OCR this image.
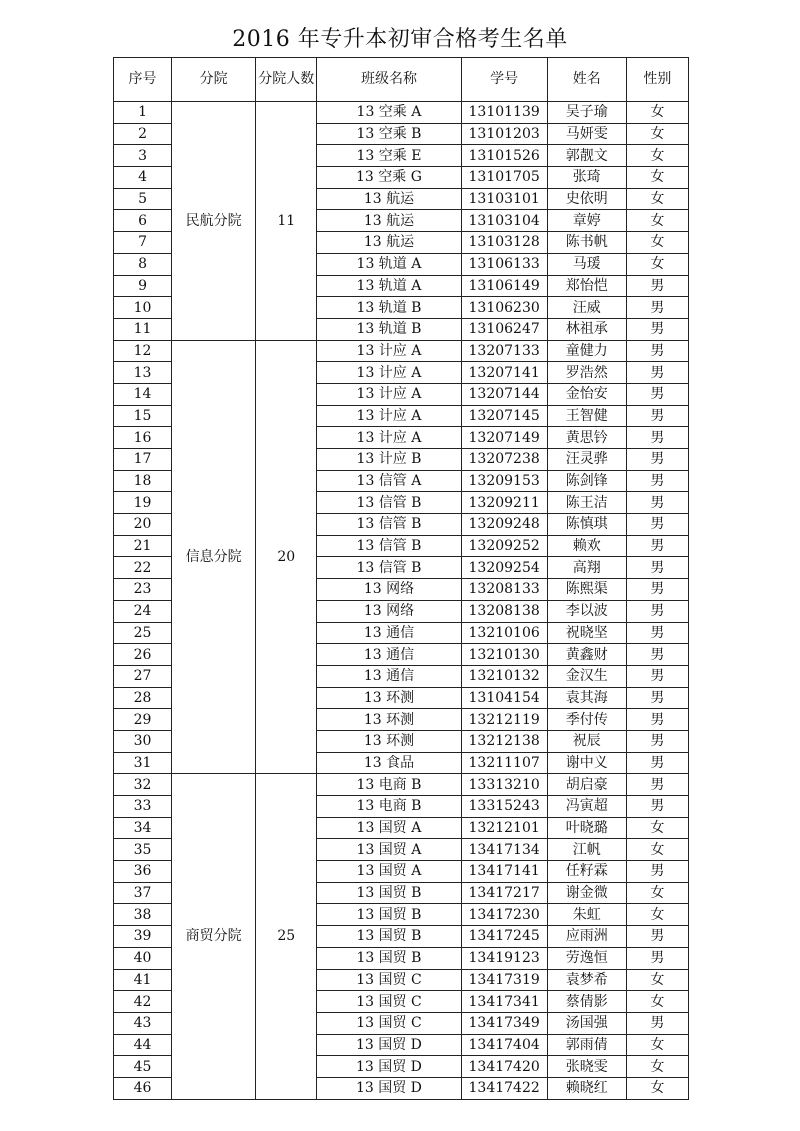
2016 年专升本初审合格考生名单
序号	分院	分院人数	班级名称	学号	姓名	性别
1	民航分院	11	13 空乘 A	13101139	吴子瑜	女
2			13 空乘 B	13101203	马妍雯	女
3			13 空乘 E	13101526	郭靓文	女
4			13 空乘 G	13101705	张琦	女
5			13 航运	13103101	史依明	女
6			13 航运	13103104	章婷	女
7			13 航运	13103128	陈书帆	女
8			13 轨道 A	13106133	马瑗	女
9			13 轨道 A	13106149	郑怡恺	男
10			13 轨道 B	13106230	汪威	男
11			13 轨道 B	13106247	林祖承	男
12	信息分院	20	13 计应 A	13207133	童健力	男
13			13 计应 A	13207141	罗浩然	男
14			13 计应 A	13207144	金怡安	男
15			13 计应 A	13207145	王智健	男
16			13 计应 A	13207149	黄思钤	男
17			13 计应 B	13207238	汪灵骅	男
18			13 信管 A	13209153	陈剑锋	男
19			13 信管 B	13209211	陈王洁	男
20			13 信管 B	13209248	陈慎琪	男
21			13 信管 B	13209252	赖欢	男
22			13 信管 B	13209254	高翔	男
23			13 网络	13208133	陈熙渠	男
24			13 网络	13208138	李以波	男
25			13 通信	13210106	祝晓坚	男
26			13 通信	13210130	黄鑫财	男
27			13 通信	13210132	金汉生	男
28			13 环测	13104154	袁其海	男
29			13 环测	13212119	季付传	男
30			13 环测	13212138	祝辰	男
31			13 食品	13211107	谢中义	男
32	商贸分院	25	13 电商 B	13313210	胡启豪	男
33			13 电商 B	13315243	冯寅超	男
34			13 国贸 A	13212101	叶晓璐	女
35			13 国贸 A	13417134	江帆	女
36			13 国贸 A	13417141	任籽霖	男
37			13 国贸 B	13417217	谢金微	女
38			13 国贸 B	13417230	朱虹	女
39			13 国贸 B	13417245	应雨洲	男
40			13 国贸 B	13419123	劳逸恒	男
41			13 国贸 C	13417319	袁梦希	女
42			13 国贸 C	13417341	蔡倩影	女
43			13 国贸 C	13417349	汤国强	男
44			13 国贸 D	13417404	郭雨倩	女
45			13 国贸 D	13417420	张晓雯	女
46			13 国贸 D	13417422	赖晓红	女
